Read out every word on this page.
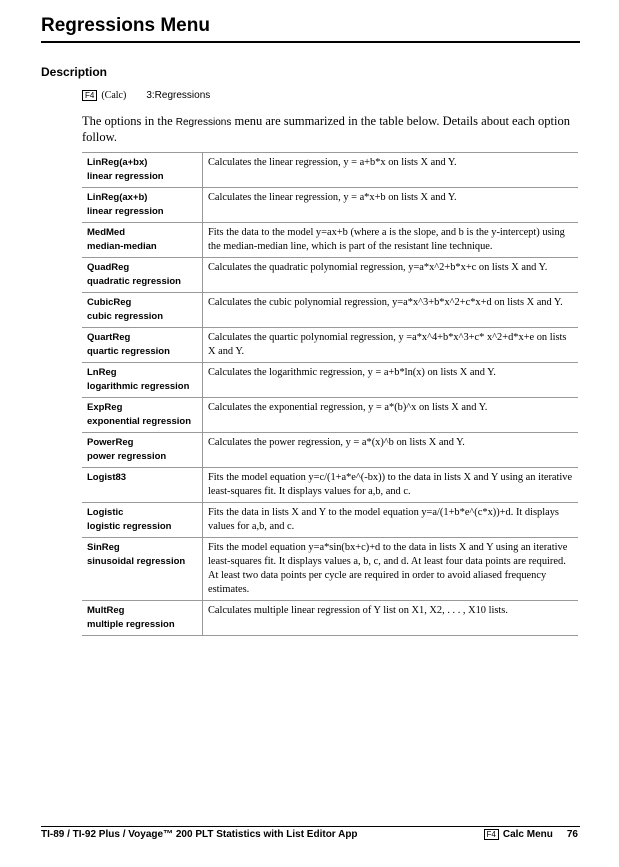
Regressions Menu
Description
F4 (Calc) 3:Regressions
The options in the Regressions menu are summarized in the table below. Details about each option follow.
LinReg(a+bx)
linear regression	Calculates the linear regression, y = a+b*x on lists X and Y.

LinReg(ax+b)
linear regression	Calculates the linear regression, y = a*x+b on lists X and Y.

MedMed
median-median	Fits the data to the model y=ax+b (where a is the slope, and b is the y-intercept) using the median-median line, which is part of the resistant line technique.

QuadReg
quadratic regression	Calculates the quadratic polynomial regression, y=a*x^2+b*x+c on lists X and Y.

CubicReg
cubic regression	Calculates the cubic polynomial regression, y=a*x^3+b*x^2+c*x+d on lists X and Y.

QuartReg
quartic regression	Calculates the quartic polynomial regression, y =a*x^4+b*x^3+c* x^2+d*x+e on lists X and Y.

LnReg
logarithmic regression	Calculates the logarithmic regression, y = a+b*ln(x) on lists X and Y.

ExpReg
exponential regression	Calculates the exponential regression, y = a*(b)^x on lists X and Y.

PowerReg
power regression	Calculates the power regression, y = a*(x)^b on lists X and Y.

Logist83	Fits the model equation y=c/(1+a*e^(-bx)) to the data in lists X and Y using an iterative least-squares fit. It displays values for a,b, and c.

Logistic
logistic regression	Fits the data in lists X and Y to the model equation y=a/(1+b*e^(c*x))+d. It displays values for a,b, and c.

SinReg
sinusoidal regression	Fits the model equation y=a*sin(bx+c)+d to the data in lists X and Y using an iterative least-squares fit. It displays values a, b, c, and d. At least four data points are required. At least two data points per cycle are required in order to avoid aliased frequency estimates.

MultReg
multiple regression	Calculates multiple linear regression of Y list on X1, X2, . . . , X10 lists.
TI-89 / TI-92 Plus / Voyage™ 200 PLT Statistics with List Editor App	F4 Calc Menu 76
